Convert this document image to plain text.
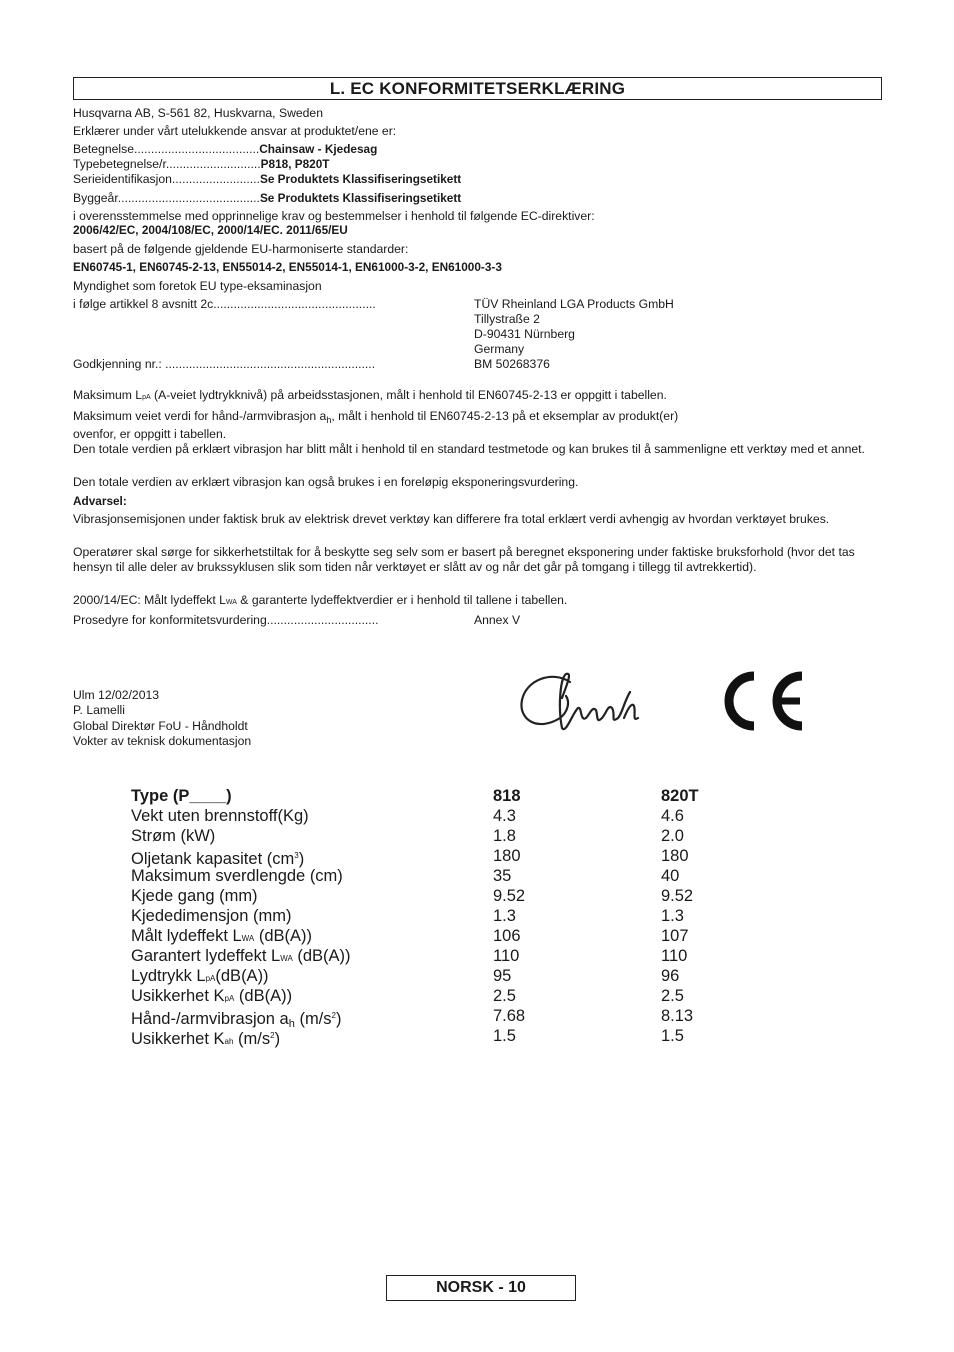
L. EC KONFORMITETSERKLÆRING
Husqvarna AB, S-561 82, Huskvarna, Sweden
Erklærer under vårt utelukkende ansvar at produktet/ene er:
Betegnelse.....................................Chainsaw - Kjedesag
Typebetegnelse/r............................P818, P820T
Serieidentifikasjon..........................Se Produktets Klassifiseringsetikett
Byggeår..........................................Se Produktets Klassifiseringsetikett
i overensstemmelse med opprinnelige krav og bestemmelser i henhold til følgende EC-direktiver:
2006/42/EC, 2004/108/EC, 2000/14/EC. 2011/65/EU
basert på de følgende gjeldende EU-harmoniserte standarder:
EN60745-1, EN60745-2-13, EN55014-2, EN55014-1, EN61000-3-2, EN61000-3-3
Myndighet som foretok EU type-eksaminasjon
i følge artikkel 8 avsnitt 2c................................................	TÜV Rheinland LGA Products GmbH
Tillystraße 2
D-90431 Nürnberg
Germany
Godkjenning nr.: ..............................................................	BM 50268376
Maksimum LpA (A-veiet lydtrykknivå) på arbeidsstasjonen, målt i henhold til EN60745-2-13 er oppgitt i tabellen.
Maksimum veiet verdi for hånd-/armvibrasjon $a_h$, målt i henhold til EN60745-2-13 på et eksemplar av produkt(er)
ovenfor, er oppgitt i tabellen.
Den totale verdien på erklært vibrasjon har blitt målt i henhold til en standard testmetode og kan brukes til å sammenligne ett verktøy med et annet.
Den totale verdien av erklært vibrasjon kan også brukes i en foreløpig eksponeringsvurdering.
Advarsel:
Vibrasjonsemisjonen under faktisk bruk av elektrisk drevet verktøy kan differere fra total erklært verdi avhengig av hvordan verktøyet brukes.
Operatører skal sørge for sikkerhetstiltak for å beskytte seg selv som er basert på beregnet eksponering under faktiske bruksforhold (hvor det tas hensyn til alle deler av brukssyklusen slik som tiden når verktøyet er slått av og når det går på tomgang i tillegg til avtrekkertid).
2000/14/EC: Målt lydeffekt LWA & garanterte lydeffektverdier er i henhold til tallene i tabellen.
Prosedyre for konformitetsvurdering.................................	Annex V
Ulm 12/02/2013
P. Lamelli
Global Direktør FoU - Håndholdt
Vokter av teknisk dokumentasjon
Type (P____)	818	820T
Vekt uten brennstoff(Kg)	4.3	4.6
Strøm (kW)	1.8	2.0
Oljetank kapasitet $(cm^3)$	180	180
Maksimum sverdlengde (cm)	35	40
Kjede gang (mm)	9.52	9.52
Kjededimensjon (mm)	1.3	1.3
Målt lydeffekt LWA (dB(A))	106	107
Garantert lydeffekt LWA (dB(A))	110	110
Lydtrykk LpA(dB(A))	95	96
Usikkerhet KpA (dB(A))	2.5	2.5
Hånd-/armvibrasjon ah $(m/s^2)$	7.68	8.13
Usikkerhet Kah $(m/s^2)$	1.5	1.5
NORSK - 10
